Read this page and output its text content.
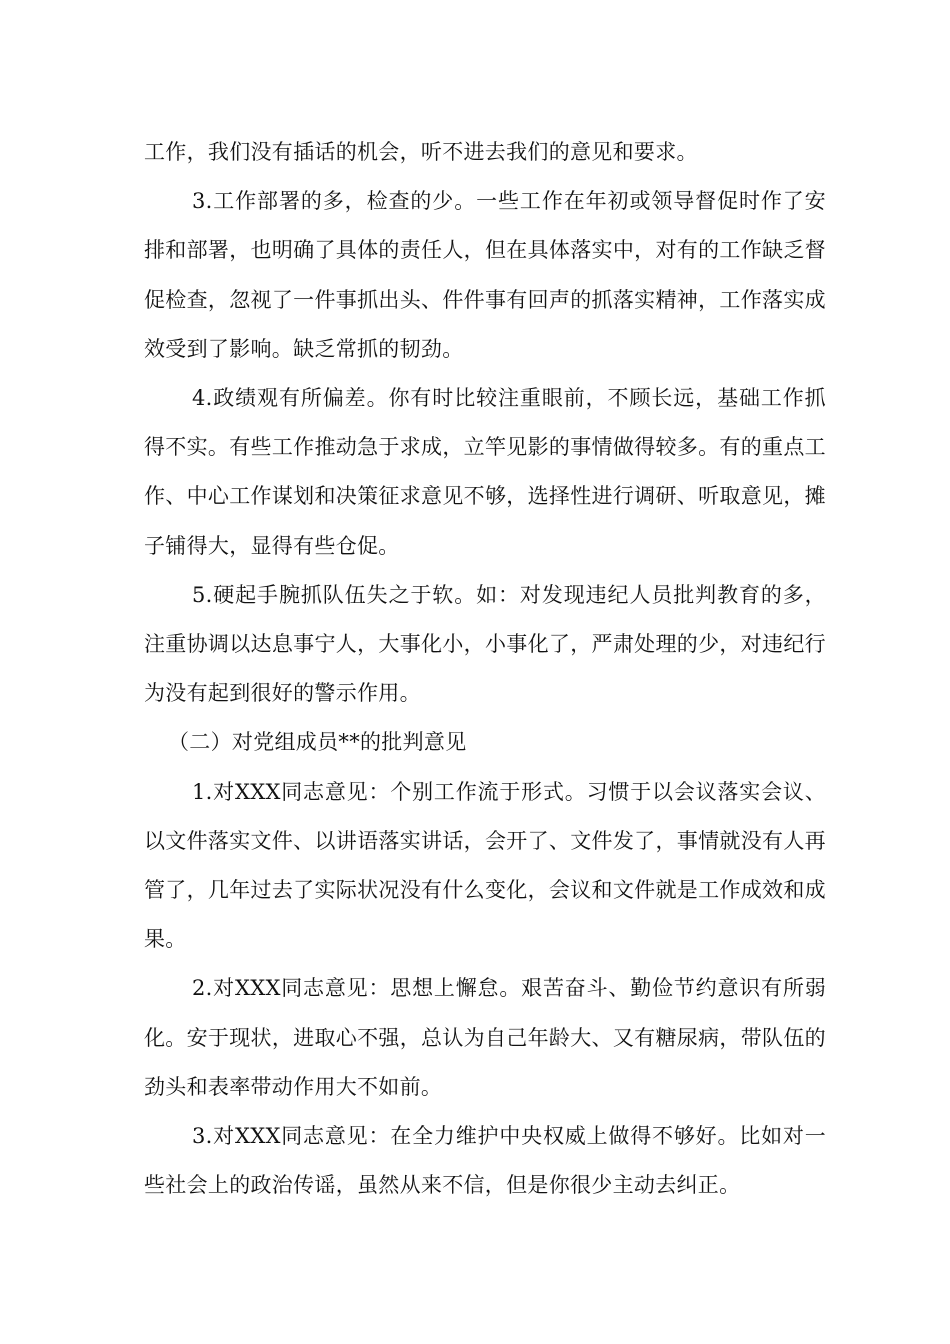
工作，我们没有插话的机会，听不进去我们的意见和要求。

3.工作部署的多，检查的少。一些工作在年初或领导督促时作了安排和部署，也明确了具体的责任人，但在具体落实中，对有的工作缺乏督促检查，忽视了一件事抓出头、件件事有回声的抓落实精神，工作落实成效受到了影响。缺乏常抓的韧劲。

4.政绩观有所偏差。你有时比较注重眼前，不顾长远，基础工作抓得不实。有些工作推动急于求成，立竿见影的事情做得较多。有的重点工作、中心工作谋划和决策征求意见不够，选择性进行调研、听取意见，摊子铺得大，显得有些仓促。

5.硬起手腕抓队伍失之于软。如：对发现违纪人员批判教育的多，注重协调以达息事宁人，大事化小，小事化了，严肃处理的少，对违纪行为没有起到很好的警示作用。

（二）对党组成员**的批判意见

1.对XXX同志意见：个别工作流于形式。习惯于以会议落实会议、以文件落实文件、以讲语落实讲话，会开了、文件发了，事情就没有人再管了，几年过去了实际状况没有什么变化，会议和文件就是工作成效和成果。

2.对XXX同志意见：思想上懈怠。艰苦奋斗、勤俭节约意识有所弱化。安于现状，进取心不强，总认为自己年龄大、又有糖尿病，带队伍的劲头和表率带动作用大不如前。

3.对XXX同志意见：在全力维护中央权威上做得不够好。比如对一些社会上的政治传谣，虽然从来不信，但是你很少主动去纠正。
